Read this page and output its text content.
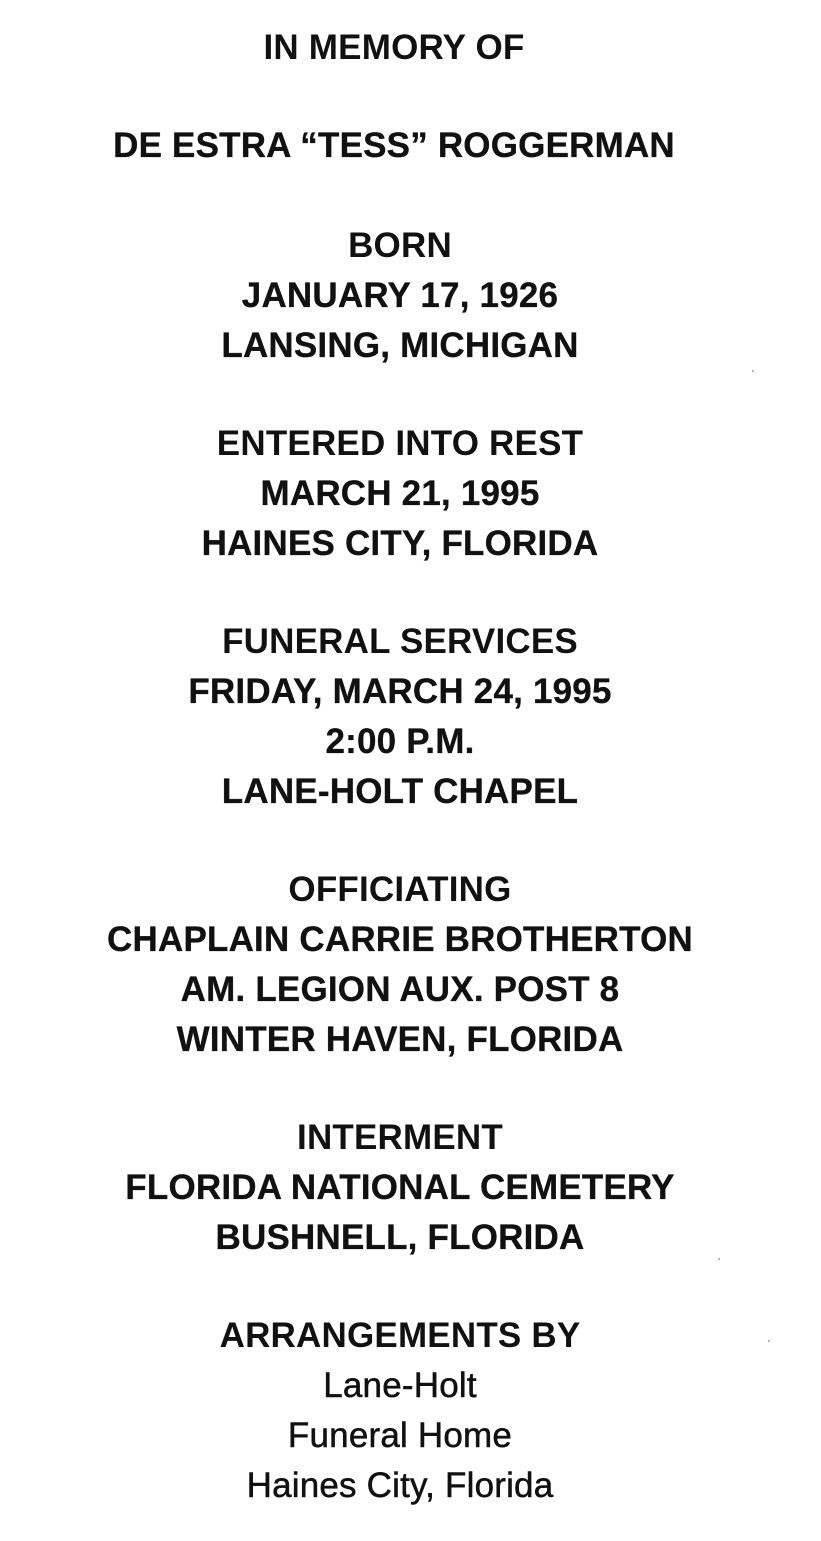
IN MEMORY OF
DE ESTRA “TESS” ROGGERMAN
BORN
JANUARY 17, 1926
LANSING, MICHIGAN
ENTERED INTO REST
MARCH 21, 1995
HAINES CITY, FLORIDA
FUNERAL SERVICES
FRIDAY, MARCH 24, 1995
2:00 P.M.
LANE-HOLT CHAPEL
OFFICIATING
CHAPLAIN CARRIE BROTHERTON
AM. LEGION AUX. POST 8
WINTER HAVEN, FLORIDA
INTERMENT
FLORIDA NATIONAL CEMETERY
BUSHNELL, FLORIDA
ARRANGEMENTS BY
Lane-Holt
Funeral Home
Haines City, Florida
